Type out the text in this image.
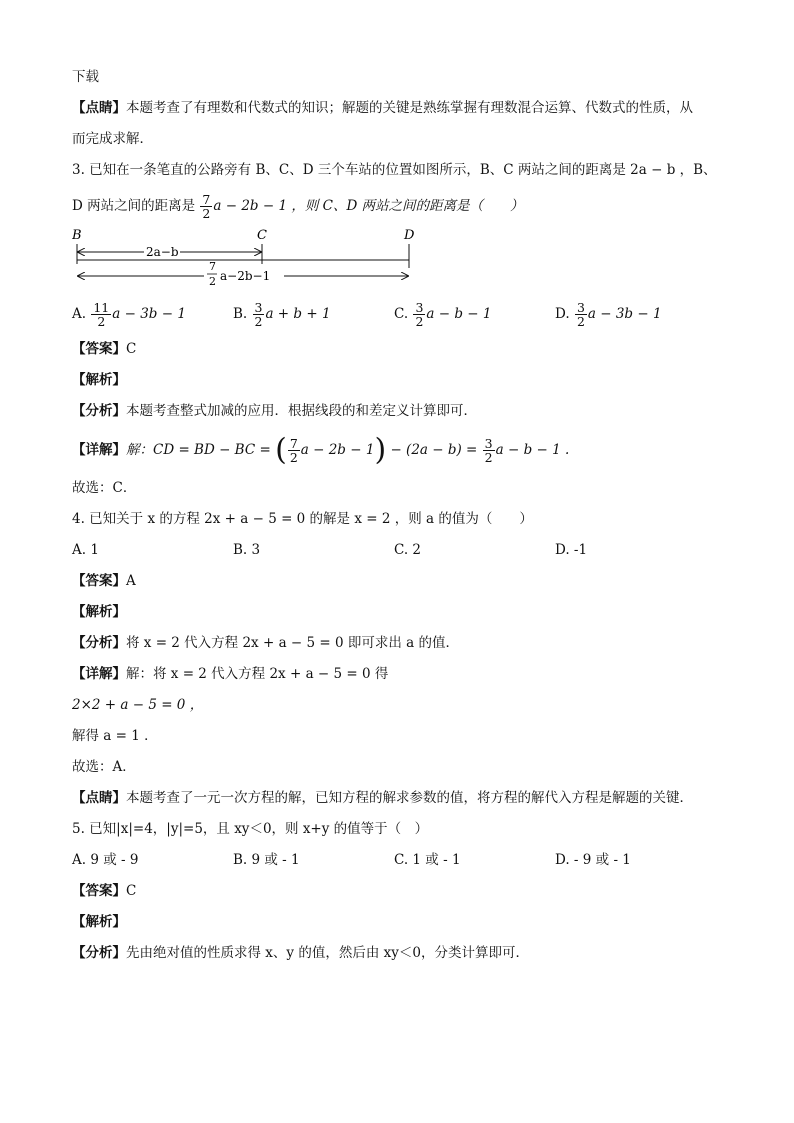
下载
【点睛】本题考查了有理数和代数式的知识；解题的关键是熟练掌握有理数混合运算、代数式的性质，从
而完成求解．
3. 已知在一条笔直的公路旁有 B、C、D 三个车站的位置如图所示，B、C 两站之间的距离是 2a − b ，B、
D 两站之间的距离是 $\frac{7}{2}$ a − 2b − 1 ，则 C、D 两站之间的距离是（　　）
B	C	D
2a−b
7
2 a−2b−1
A. $\frac{11}{2}$ a − 3b − 1	B. $\frac{3}{2}$ a + b + 1	C. $\frac{3}{2}$ a − b − 1	D. $\frac{3}{2}$ a − 3b − 1
【答案】C
【解析】
【分析】本题考查整式加减的应用．根据线段的和差定义计算即可．
【详解】解：CD = BD − BC = ( $\frac{7}{2}$ $a - 2b - 1) - (2a - b) = \frac{3}{2}$ a − b − 1 .
故选：C．
4. 已知关于 x 的方程 2x + a − 5 = 0 的解是 x = 2 ，则 a 的值为（　　）
A. 1	B. 3	C. 2	D. -1
【答案】A
【解析】
【分析】将 x = 2 代入方程 2x + a − 5 = 0 即可求出 a 的值．
【详解】解：将 x = 2 代入方程 2x + a − 5 = 0 得
2×2 + a − 5 = 0 ，
解得 a = 1 ．
故选：A．
【点睛】本题考查了一元一次方程的解，已知方程的解求参数的值，将方程的解代入方程是解题的关键．
5. 已知|x|=4，|y|=5，且 xy＜0，则 x+y 的值等于（　）
A. 9 或 - 9	B. 9 或 - 1	C. 1 或 - 1	D. - 9 或 - 1
【答案】C
【解析】
【分析】先由绝对值的性质求得 x、y 的值，然后由 xy＜0，分类计算即可．
